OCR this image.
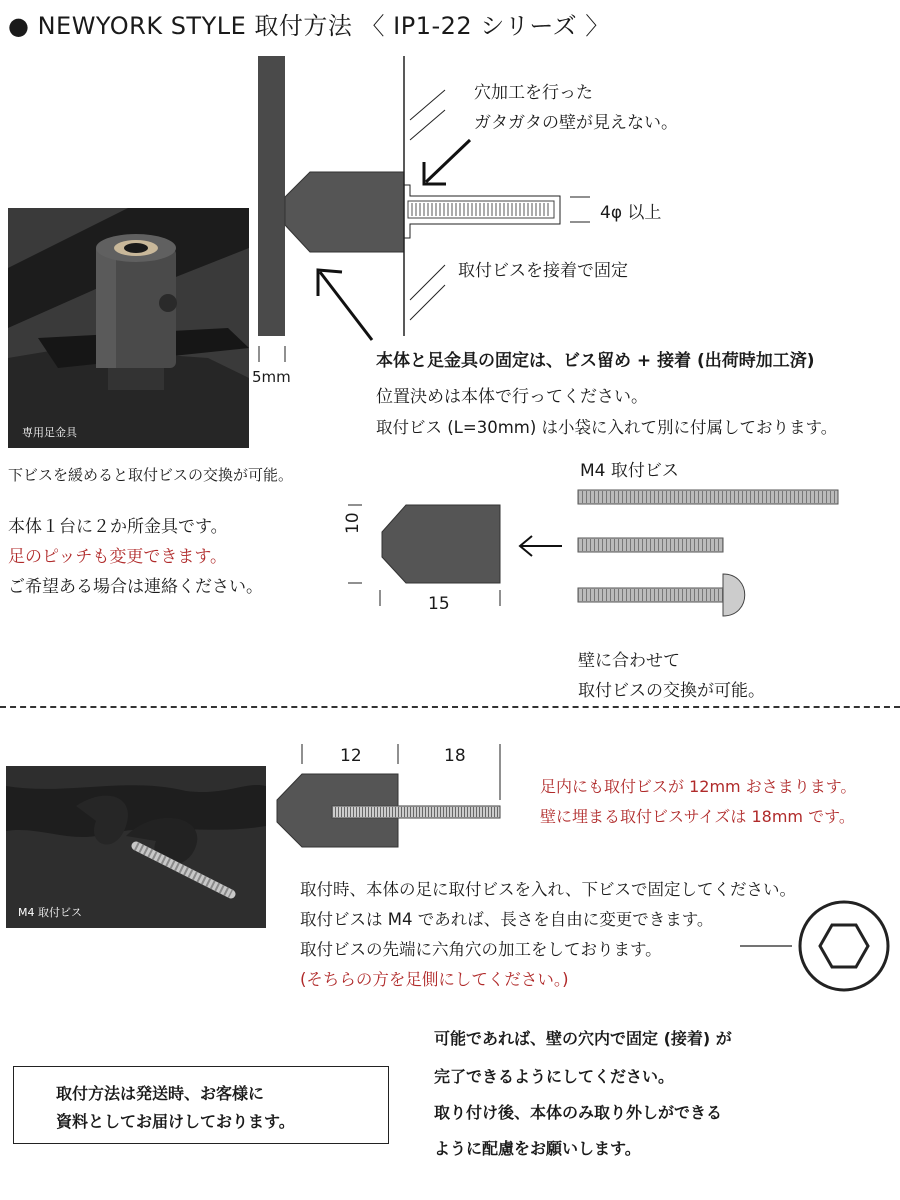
● NEWYORK STYLE 取付方法 〈 IP1-22 シリーズ 〉
専用足金具
M4 取付ビス
穴加工を行った
ガタガタの壁が見えない。
4φ 以上
取付ビスを接着で固定
5mm
本体と足金具の固定は、ビス留め + 接着 (出荷時加工済)
位置決めは本体で行ってください。
取付ビス (L=30mm) は小袋に入れて別に付属しております。
下ビスを緩めると取付ビスの交換が可能。
本体１台に２か所金具です。
足のピッチも変更できます。
ご希望ある場合は連絡ください。
10
15
M4 取付ビス
壁に合わせて
取付ビスの交換が可能。
12	18
足内にも取付ビスが 12mm おさまります。
壁に埋まる取付ビスサイズは 18mm です。
取付時、本体の足に取付ビスを入れ、下ビスで固定してください。
取付ビスは M4 であれば、長さを自由に変更できます。
取付ビスの先端に六角穴の加工をしております。
(そちらの方を足側にしてください。)
取付方法は発送時、お客様に
資料としてお届けしております。
可能であれば、壁の穴内で固定 (接着) が
完了できるようにしてください。
取り付け後、本体のみ取り外しができる
ように配慮をお願いします。
